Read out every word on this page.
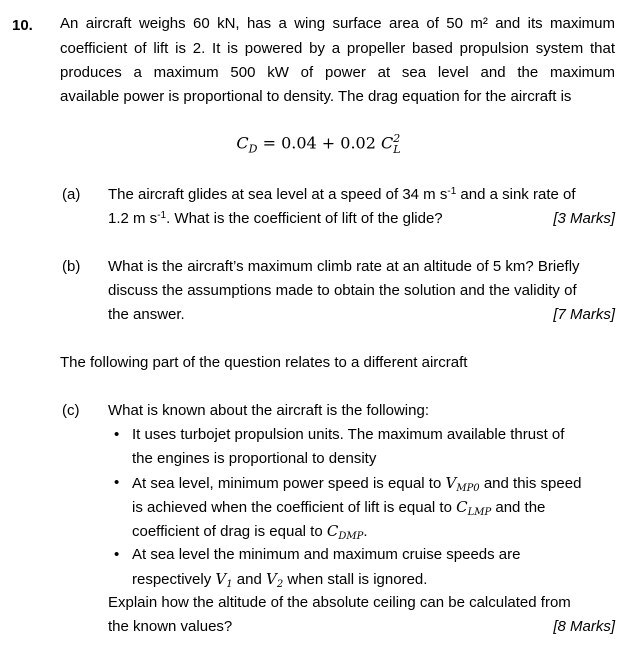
10. An aircraft weighs 60 kN, has a wing surface area of 50 m² and its maximum
coefficient of lift is 2. It is powered by a propeller based propulsion system that
produces a maximum 500 kW of power at sea level and the maximum
available power is proportional to density. The drag equation for the aircraft is
$C_D = 0.04 + 0.02$ C 2
L
(a) The aircraft glides at sea level at a speed of 34 m $s^{-1}$ and a sink rate of
1.2 m $s^{-1}$. What is the coefficient of lift of the glide?	[3 Marks]
(b) What is the aircraft’s maximum climb rate at an altitude of 5 km? Briefly
discuss the assumptions made to obtain the solution and the validity of
the answer.	[7 Marks]
The following part of the question relates to a different aircraft
(c) What is known about the aircraft is the following:
• It uses turbojet propulsion units. The maximum available thrust of
the engines is proportional to density
• At sea level, minimum power speed is equal to $V_{MP0}$ and this speed
is achieved when the coefficient of lift is equal to $C_{LMP}$ and the
coefficient of drag is equal to $C_{DMP}$.
• At sea level the minimum and maximum cruise speeds are
respectively $V_1$ and $V_2$ when stall is ignored.
Explain how the altitude of the absolute ceiling can be calculated from
the known values?	[8 Marks]
